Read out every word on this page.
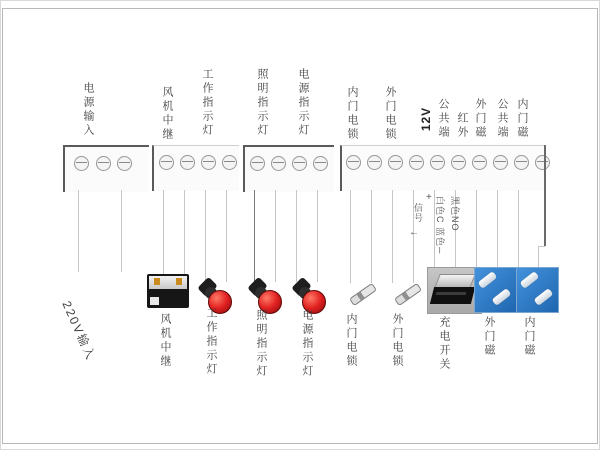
电源输入	风机中继	工作指示灯	照明指示灯	电源指示灯	内门电锁 外门电锁 12V 公共端 红外 外门磁 公共端 内门磁
+
信号
← 白色C 蓝色─ 黑色NO
220V输入	风机中继	工作指示灯	照明指示灯	电源指示灯	内门电锁	外门电锁	充电开关	外门磁	内门磁
